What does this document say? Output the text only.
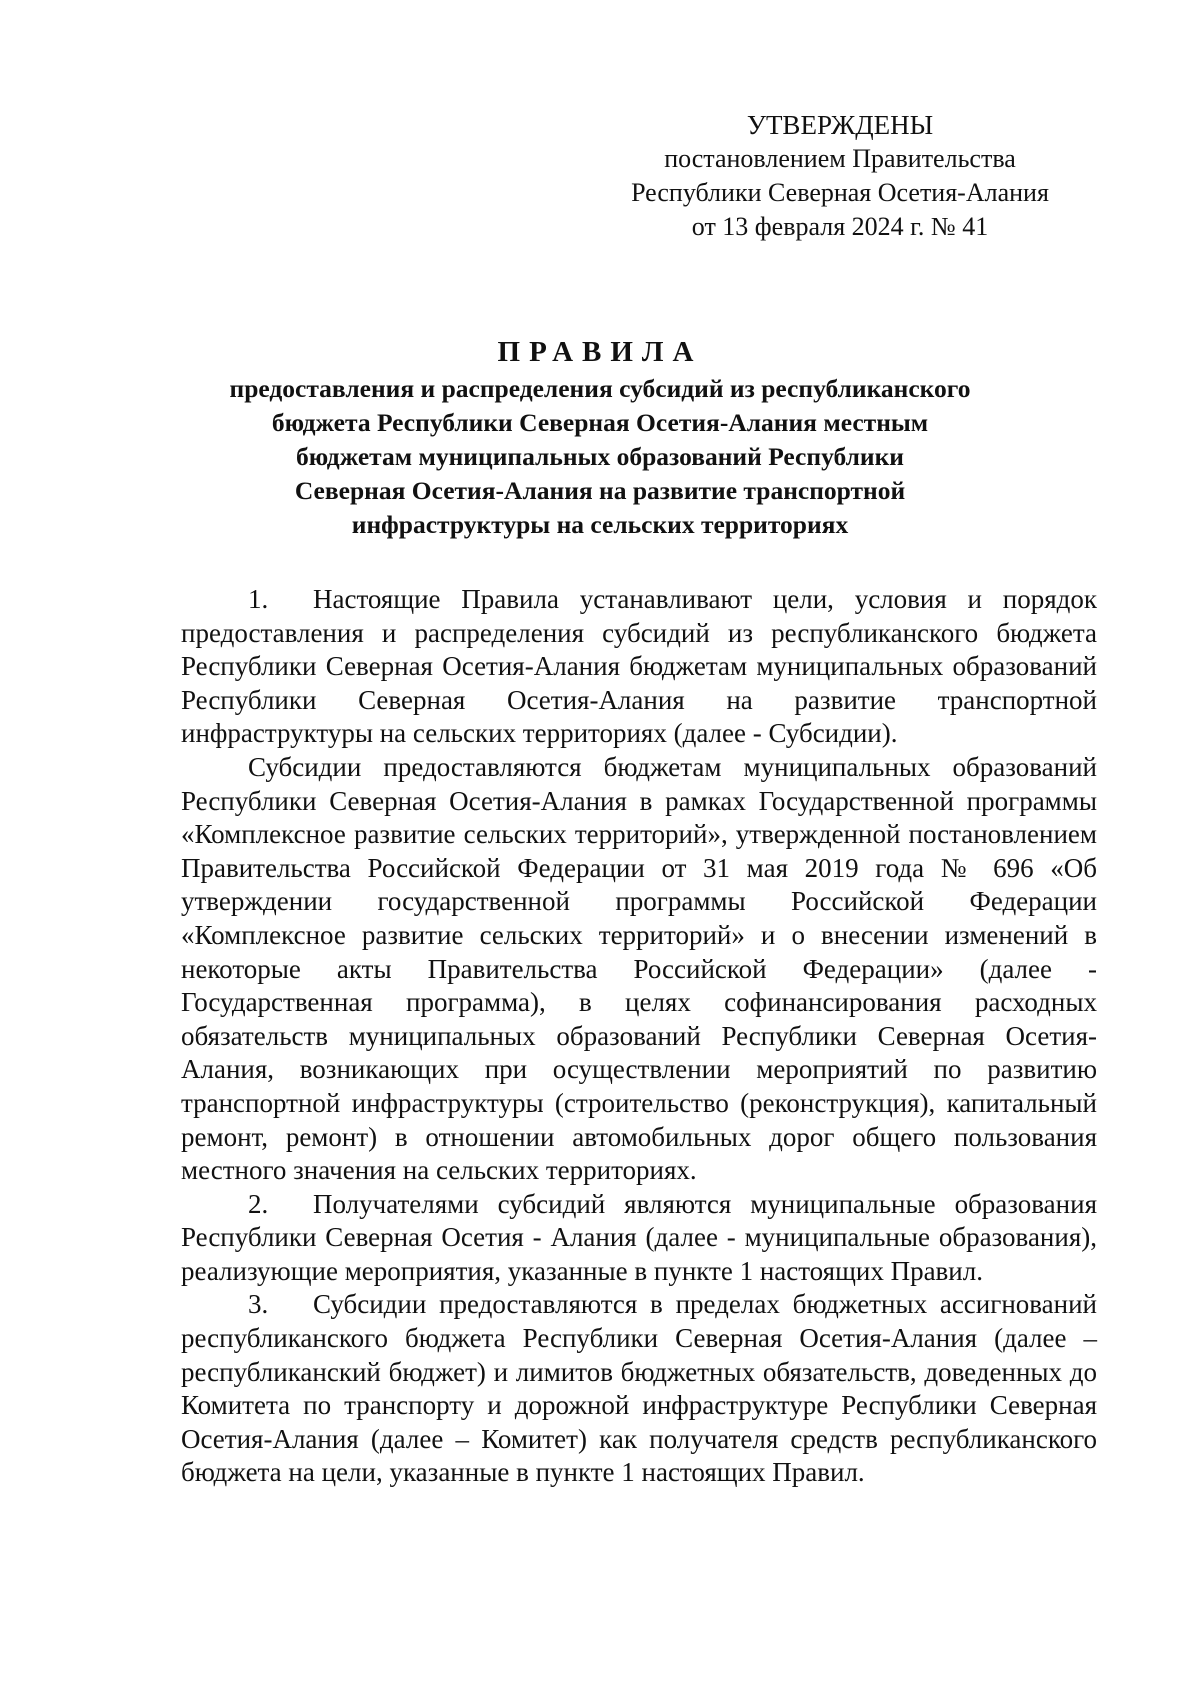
УТВЕРЖДЕНЫ
постановлением Правительства
Республики Северная Осетия-Алания
от 13 февраля 2024 г. № 41
ПРАВИЛА
предоставления и распределения субсидий из республиканского
бюджета Республики Северная Осетия-Алания местным
бюджетам муниципальных образований Республики
Северная Осетия-Алания на развитие транспортной
инфраструктуры на сельских территориях

1. Настоящие Правила устанавливают цели, условия и порядок предоставления и распределения субсидий из республиканского бюджета Республики Северная Осетия-Алания бюджетам муниципальных образований Республики Северная Осетия-Алания на развитие транспортной инфраструктуры на сельских территориях (далее - Субсидии).

Субсидии предоставляются бюджетам муниципальных образований Республики Северная Осетия-Алания в рамках Государственной программы «Комплексное развитие сельских территорий», утвержденной постановлением Правительства Российской Федерации от 31 мая 2019 года № 696 «Об утверждении государственной программы Российской Федерации «Комплексное развитие сельских территорий» и о внесении изменений в некоторые акты Правительства Российской Федерации» (далее - Государственная программа), в целях софинансирования расходных обязательств муниципальных образований Республики Северная Осетия-Алания, возникающих при осуществлении мероприятий по развитию транспортной инфраструктуры (строительство (реконструкция), капитальный ремонт, ремонт) в отношении автомобильных дорог общего пользования местного значения на сельских территориях.

2. Получателями субсидий являются муниципальные образования Республики Северная Осетия - Алания (далее - муниципальные образования), реализующие мероприятия, указанные в пункте 1 настоящих Правил.

3. Субсидии предоставляются в пределах бюджетных ассигнований республиканского бюджета Республики Северная Осетия-Алания (далее – республиканский бюджет) и лимитов бюджетных обязательств, доведенных до Комитета по транспорту и дорожной инфраструктуре Республики Северная Осетия-Алания (далее – Комитет) как получателя средств республиканского бюджета на цели, указанные в пункте 1 настоящих Правил.
